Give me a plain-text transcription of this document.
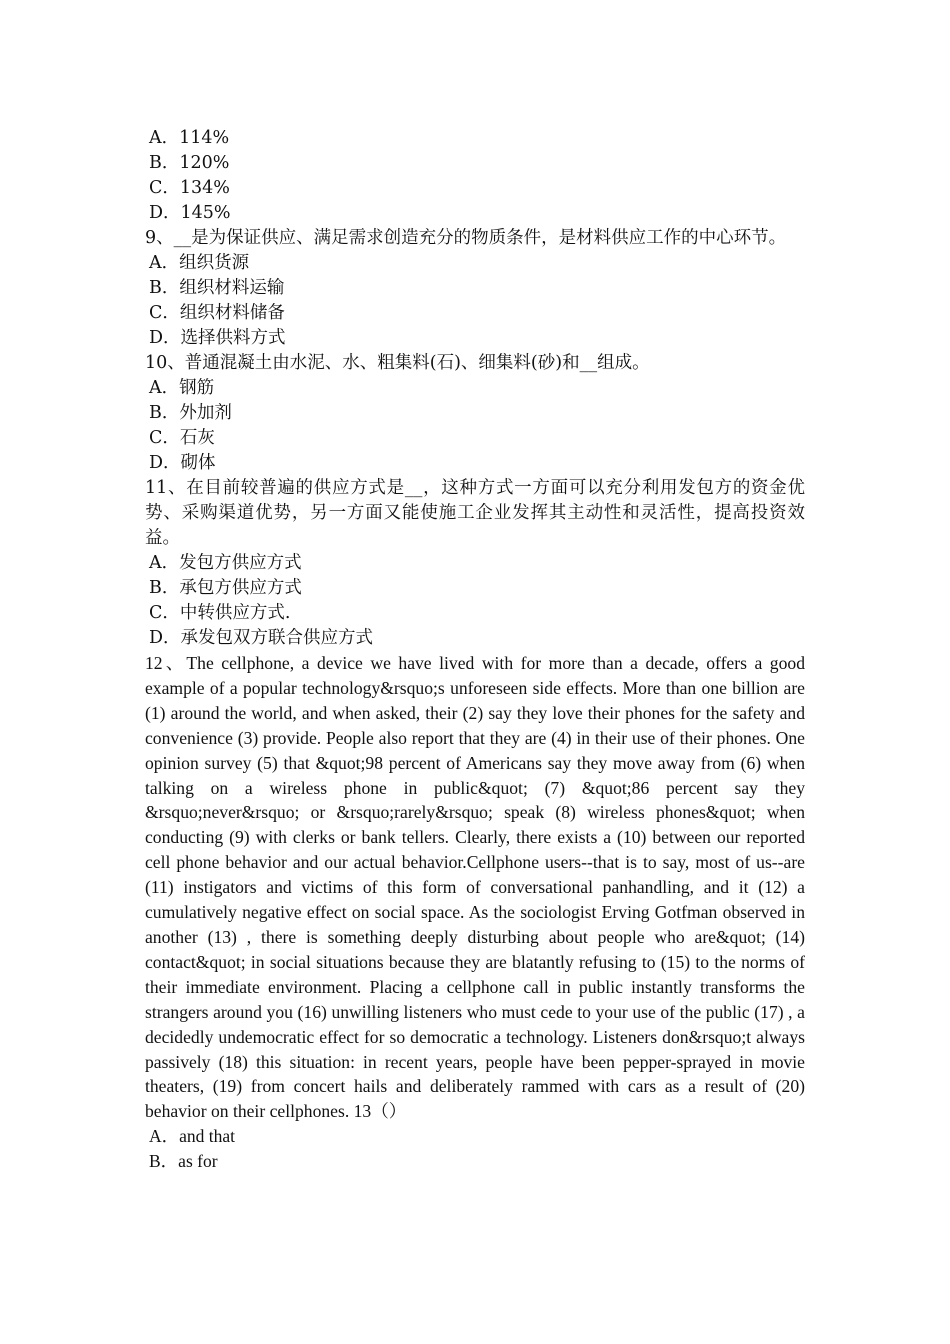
A．114%
B．120%
C．134%
D．145%
9、__是为保证供应、满足需求创造充分的物质条件，是材料供应工作的中心环节。
A．组织货源
B．组织材料运输
C．组织材料储备
D．选择供料方式
10、普通混凝土由水泥、水、粗集料(石)、细集料(砂)和__组成。
A．钢筋
B．外加剂
C．石灰
D．砌体
11、在目前较普遍的供应方式是__，这种方式一方面可以充分利用发包方的资金优势、采购渠道优势，另一方面又能使施工企业发挥其主动性和灵活性，提高投资效益。
A．发包方供应方式
B．承包方供应方式
C．中转供应方式.
D．承发包双方联合供应方式
12、The cellphone, a device we have lived with for more than a decade, offers a good example of a popular technology&rsquo;s unforeseen side effects. More than one billion are (1) around the world, and when asked, their (2) say they love their phones for the safety and convenience (3) provide. People also report that they are (4) in their use of their phones. One opinion survey (5) that &quot;98 percent of Americans say they move away from (6) when talking on a wireless phone in public&quot; (7) &quot;86 percent say they &rsquo;never&rsquo; or &rsquo;rarely&rsquo; speak (8) wireless phones&quot; when conducting (9) with clerks or bank tellers. Clearly, there exists a (10) between our reported cell phone behavior and our actual behavior.Cellphone users--that is to say, most of us--are (11) instigators and victims of this form of conversational panhandling, and it (12) a cumulatively negative effect on social space. As the sociologist Erving Gotfman observed in another (13) , there is something deeply disturbing about people who are&quot; (14) contact&quot; in social situations because they are blatantly refusing to (15) to the norms of their immediate environment. Placing a cellphone call in public instantly transforms the strangers around you (16) unwilling listeners who must cede to your use of the public (17) , a decidedly undemocratic effect for so democratic a technology. Listeners don&rsquo;t always passively (18) this situation: in recent years, people have been pepper-sprayed in movie theaters, (19) from concert hails and deliberately rammed with cars as a result of (20) behavior on their cellphones. 13（）
A．and that
B．as for
